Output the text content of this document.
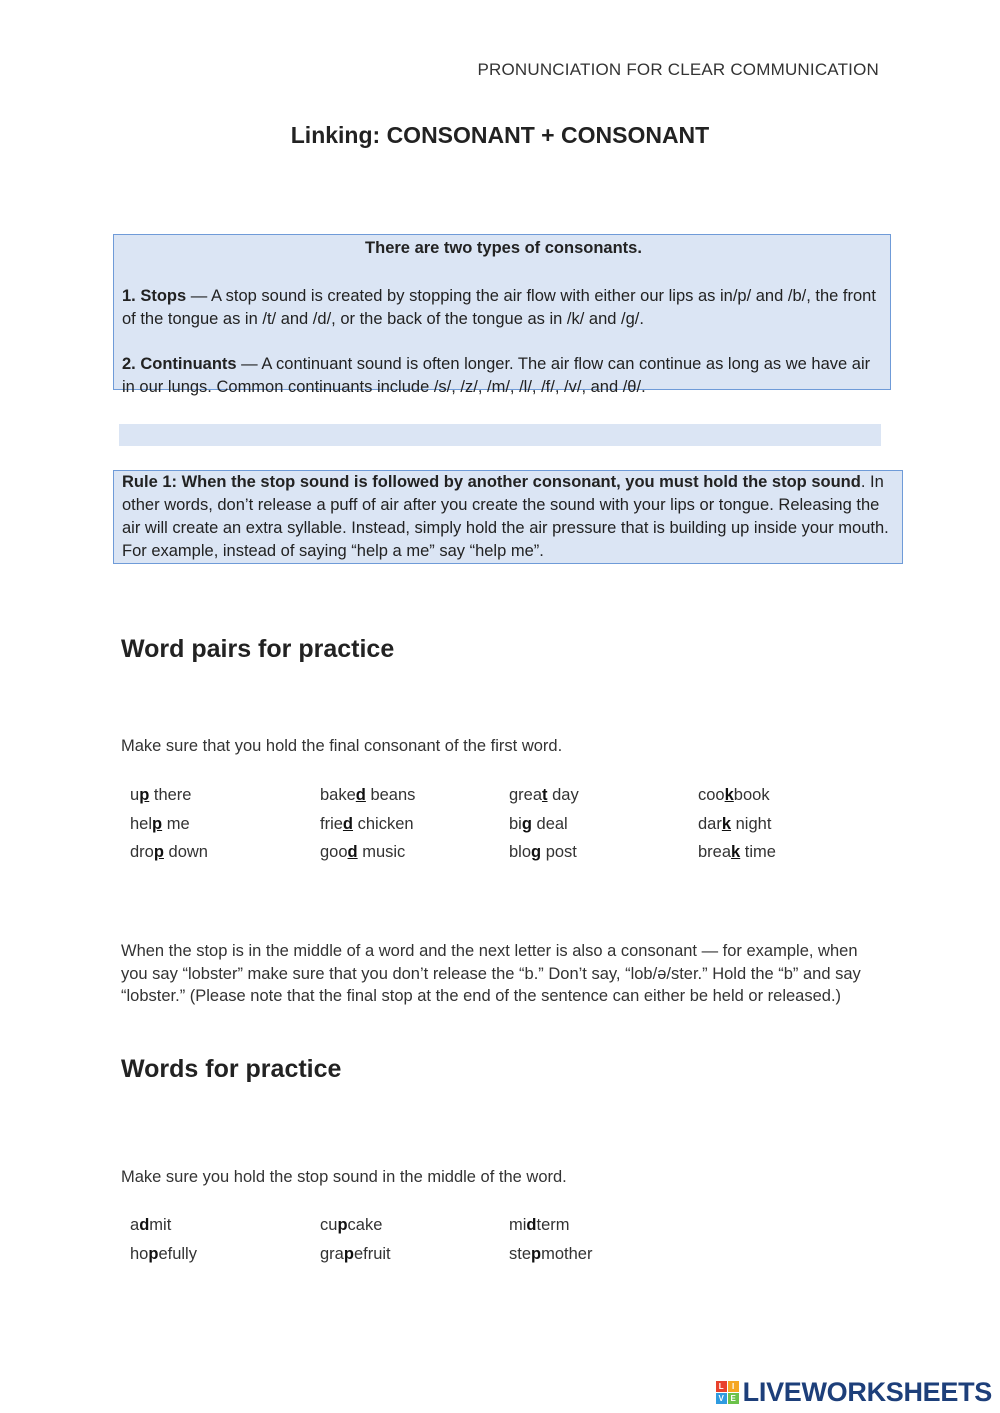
PRONUNCIATION FOR CLEAR COMMUNICATION
Linking: CONSONANT + CONSONANT
There are two types of consonants.

1. Stops — A stop sound is created by stopping the air flow with either our lips as in/p/ and /b/, the front of the tongue as in /t/ and /d/, or the back of the tongue as in /k/ and /g/.

2. Continuants — A continuant sound is often longer. The air flow can continue as long as we have air in our lungs. Common continuants include /s/, /z/, /m/, /l/, /f/, /v/, and /θ/.

Rule 1: When the stop sound is followed by another consonant, you must hold the stop sound. In other words, don’t release a puff of air after you create the sound with your lips or tongue. Releasing the air will create an extra syllable. Instead, simply hold the air pressure that is building up inside your mouth. For example, instead of saying “help a me” say “help me”.

Word pairs for practice
Make sure that you hold the final consonant of the first word.
up there	baked beans	great day	cookbook
help me	fried chicken	big deal	dark night
drop down	good music	blog post	break time
When the stop is in the middle of a word and the next letter is also a consonant — for example, when you say “lobster” make sure that you don’t release the “b.” Don’t say, “lob/ə/ster.” Hold the “b” and say “lobster.” (Please note that the final stop at the end of the sentence can either be held or released.)
Words for practice
Make sure you hold the stop sound in the middle of the word.
admit	cupcake	midterm
hopefully	grapefruit	stepmother
L	I
V E LIVEWORKSHEETS
